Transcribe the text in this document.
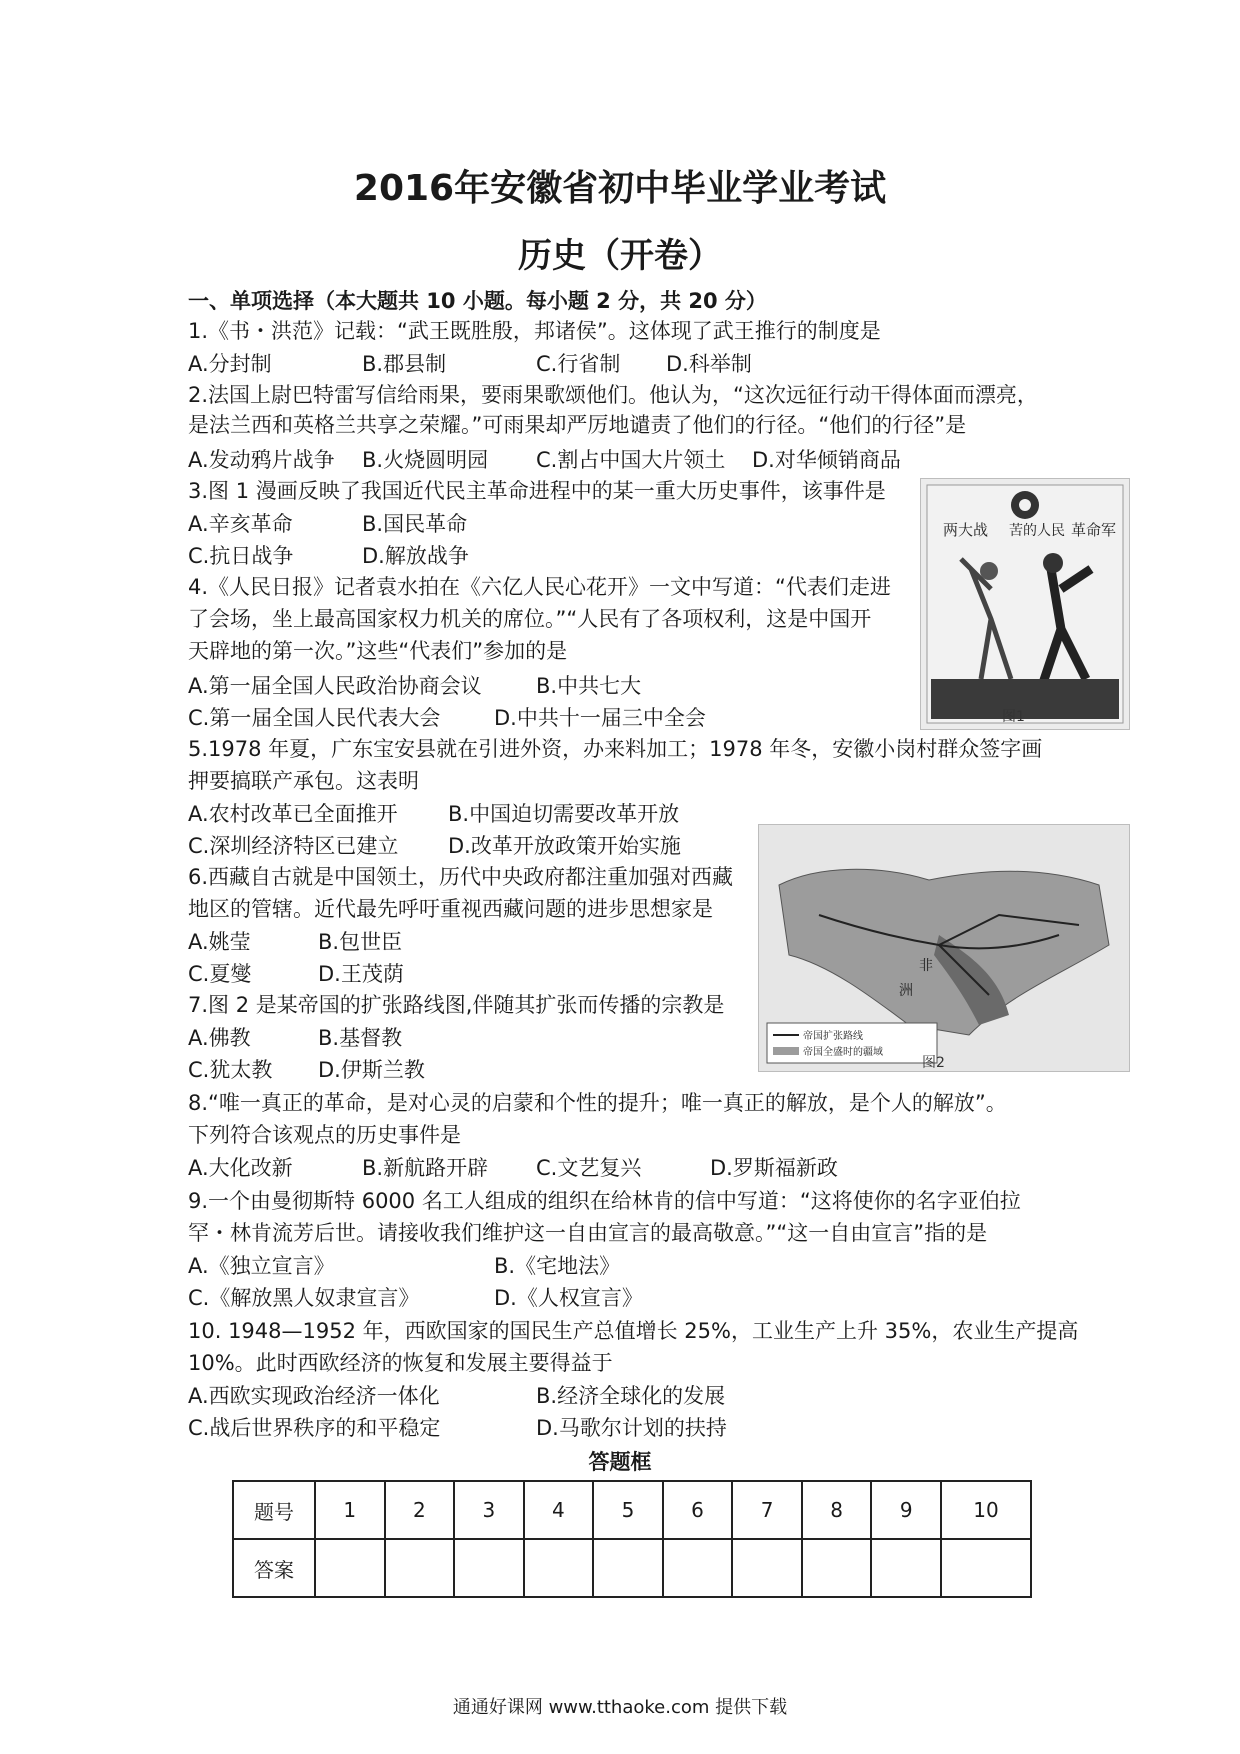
2016年安徽省初中毕业学业考试
历史（开卷）
一、单项选择（本大题共 10 小题。每小题 2 分，共 20 分）
1.《书・洪范》记载：“武王既胜殷，邦诸侯”。这体现了武王推行的制度是
A.分封制	B.郡县制	C.行省制 D.科举制
2.法国上尉巴特雷写信给雨果，要雨果歌颂他们。他认为，“这次远征行动干得体面而漂亮，
是法兰西和英格兰共享之荣耀。”可雨果却严厉地谴责了他们的行径。“他们的行径”是
A.发动鸦片战争 B.火烧圆明园 C.割占中国大片领土 D.对华倾销商品
3.图 1 漫画反映了我国近代民主革命进程中的某一重大历史事件，该事件是
A.辛亥革命	B.国民革命
C.抗日战争	D.解放战争
两大战 苦的人民 革命军
图1
4.《人民日报》记者袁水拍在《六亿人民心花开》一文中写道：“代表们走进
了会场，坐上最高国家权力机关的席位。”“人民有了各项权利，这是中国开
天辟地的第一次。”这些“代表们”参加的是
A.第一届全国人民政治协商会议	B.中共七大
C.第一届全国人民代表大会	D.中共十一届三中全会
5.1978 年夏，广东宝安县就在引进外资，办来料加工；1978 年冬，安徽小岗村群众签字画
押要搞联产承包。这表明
A.农村改革已全面推开 B.中国迫切需要改革开放
C.深圳经济特区已建立 D.改革开放政策开始实施
非
洲
帝国扩张路线
帝国全盛时的疆域
图2
6.西藏自古就是中国领土，历代中央政府都注重加强对西藏
地区的管辖。近代最先呼吁重视西藏问题的进步思想家是
A.姚莹	B.包世臣
C.夏燮	D.王茂荫
7.图 2 是某帝国的扩张路线图,伴随其扩张而传播的宗教是
A.佛教	B.基督教
C.犹太教 D.伊斯兰教
8.“唯一真正的革命，是对心灵的启蒙和个性的提升；唯一真正的解放，是个人的解放”。
下列符合该观点的历史事件是
A.大化改新	B.新航路开辟 C.文艺复兴	D.罗斯福新政
9.一个由曼彻斯特 6000 名工人组成的组织在给林肯的信中写道：“这将使你的名字亚伯拉
罕・林肯流芳后世。请接收我们维护这一自由宣言的最高敬意。”“这一自由宣言”指的是
A.《独立宣言》	B.《宅地法》
C.《解放黑人奴隶宣言》	D.《人权宣言》
10. 1948—1952 年，西欧国家的国民生产总值增长 25%，工业生产上升 35%，农业生产提高
10%。此时西欧经济的恢复和发展主要得益于
A.西欧实现政治经济一体化	B.经济全球化的发展
C.战后世界秩序的和平稳定	D.马歌尔计划的扶持
答题框
题号	1	2	3	4	5	6	7	8	9	10
答案										
通通好课网 www.tthaoke.com 提供下载
